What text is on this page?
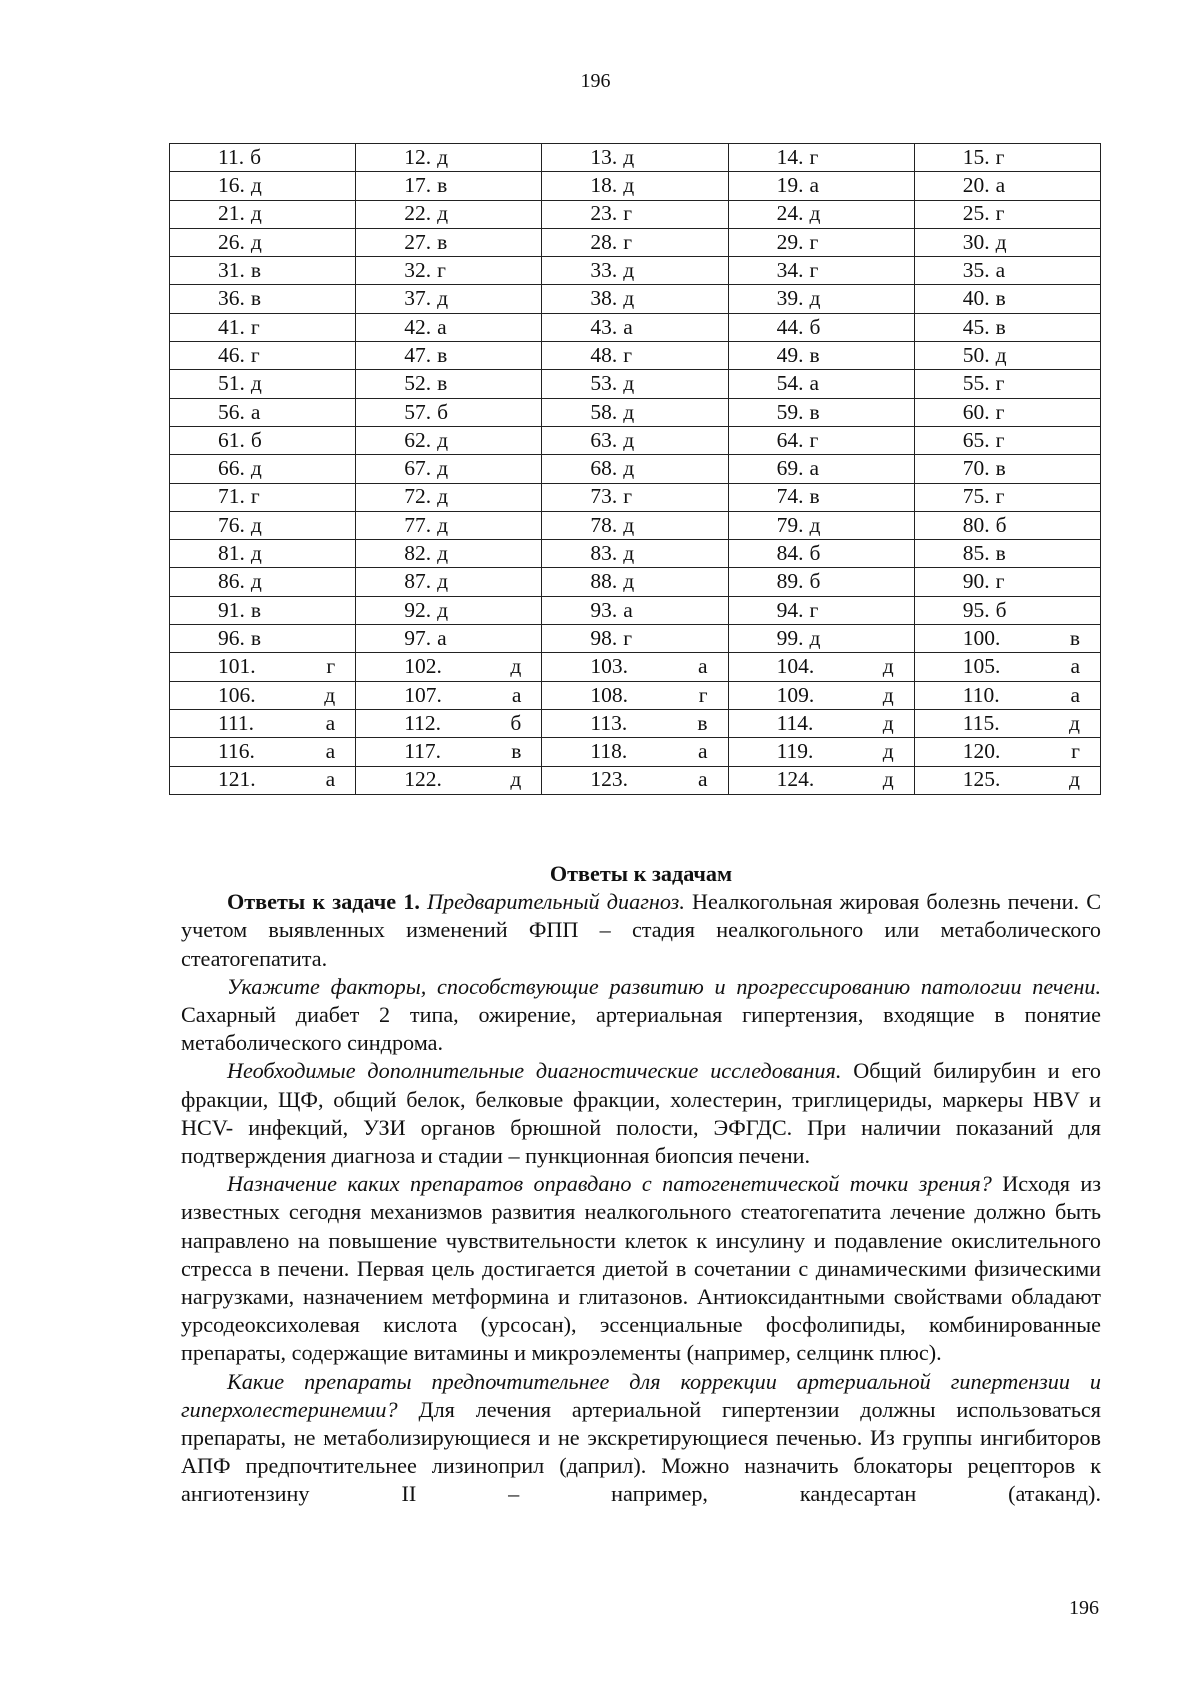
196
11. б	12. д	13. д	14. г	15. г

16. д	17. в	18. д	19. а	20. а

21. д	22. д	23. г	24. д	25. г

26. д	27. в	28. г	29. г	30. д

31. в	32. г	33. д	34. г	35. а

36. в	37. д	38. д	39. д	40. в

41. г	42. а	43. а	44. б	45. в

46. г	47. в	48. г	49. в	50. д

51. д	52. в	53. д	54. а	55. г

56. а	57. б	58. д	59. в	60. г

61. б	62. д	63. д	64. г	65. г

66. д	67. д	68. д	69. а	70. в

71. г	72. д	73. г	74. в	75. г

76. д	77. д	78. д	79. д	80. б

81. д	82. д	83. д	84. б	85. в

86. д	87. д	88. д	89. б	90. г

91. в	92. д	93. а	94. г	95. б

96. в	97. а	98. г	99. д	100. в

101. г	102. д	103. а	104. д	105. а

106. д	107. а	108. г	109. д	110. а

111. а	112. б	113. в	114. д	115. д

116. а	117. в	118. а	119. д	120. г

121. а	122. д	123. а	124. д	125. д

Ответы к задачам

Ответы к задаче 1. Предварительный диагноз. Неалкогольная жировая болезнь печени. С учетом выявленных изменений ФПП – стадия неалкогольного или метаболического стеатогепатита.

Укажите факторы, способствующие развитию и прогрессированию патологии печени. Сахарный диабет 2 типа, ожирение, артериальная гипертензия, входящие в понятие метаболического синдрома.

Необходимые дополнительные диагностические исследования. Общий билирубин и его фракции, ЩФ, общий белок, белковые фракции, холестерин, триглицериды, маркеры HBV и HCV- инфекций, УЗИ органов брюшной полости, ЭФГДС. При наличии показаний для подтверждения диагноза и стадии – пункционная биопсия печени.

Назначение каких препаратов оправдано с патогенетической точки зрения? Исходя из известных сегодня механизмов развития неалкогольного стеатогепатита лечение должно быть направлено на повышение чувствительности клеток к инсулину и подавление окислительного стресса в печени. Первая цель достигается диетой в сочетании с динамическими физическими нагрузками, назначением метформина и глитазонов. Антиоксидантными свойствами обладают урсодеоксихолевая кислота (урсосан), эссенциальные фосфолипиды, комбинированные препараты, содержащие витамины и микроэлементы (например, селцинк плюс).

Какие препараты предпочтительнее для коррекции артериальной гипертензии и гиперхолестеринемии? Для лечения артериальной гипертензии должны использоваться препараты, не метаболизирующиеся и не экскретирующиеся печенью. Из группы ингибиторов АПФ предпочтительнее лизиноприл (даприл). Можно назначить блокаторы рецепторов к ангиотензину II – например, кандесартан (атаканд).

196
